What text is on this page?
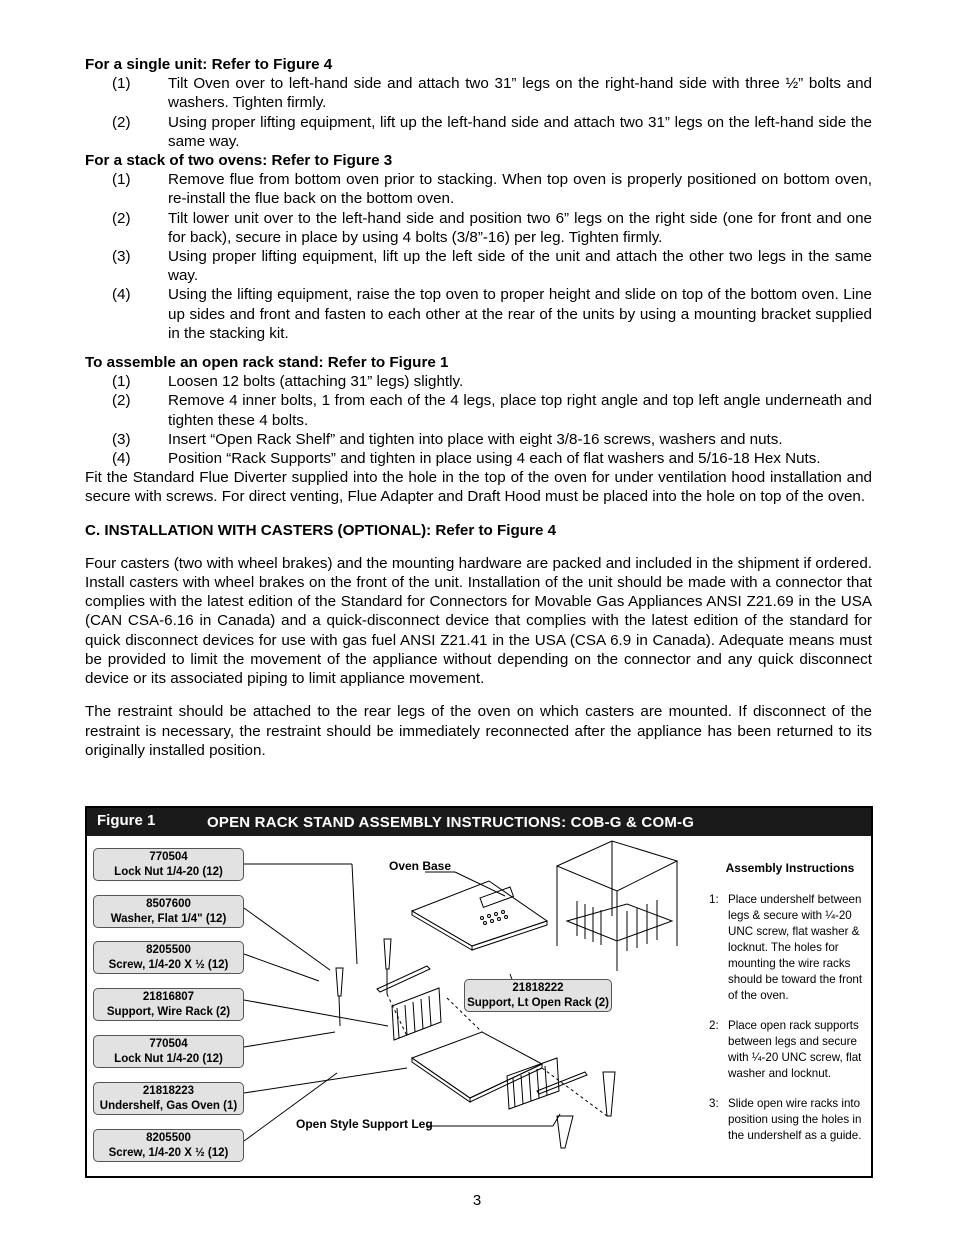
For a single unit: Refer to Figure 4
(1)	Tilt Oven over to left-hand side and attach two 31” legs on the right-hand side with three ½” bolts and washers. Tighten firmly.
(2)	Using proper lifting equipment, lift up the left-hand side and attach two 31” legs on the left-hand side the same way.
For a stack of two ovens: Refer to Figure 3
(1)	Remove flue from bottom oven prior to stacking. When top oven is properly positioned on bottom oven, re-install the flue back on the bottom oven.
(2)	Tilt lower unit over to the left-hand side and position two 6” legs on the right side (one for front and one for back), secure in place by using 4 bolts (3/8”-16) per leg. Tighten firmly.
(3)	Using proper lifting equipment, lift up the left side of the unit and attach the other two legs in the same way.
(4)	Using the lifting equipment, raise the top oven to proper height and slide on top of the bottom oven. Line up sides and front and fasten to each other at the rear of the units by using a mounting bracket supplied in the stacking kit.
To assemble an open rack stand: Refer to Figure 1
(1)	Loosen 12 bolts (attaching 31” legs) slightly.
(2)	Remove 4 inner bolts, 1 from each of the 4 legs, place top right angle and top left angle underneath and tighten these 4 bolts.
(3)	Insert “Open Rack Shelf” and tighten into place with eight 3/8-16 screws, washers and nuts.
(4)	Position “Rack Supports” and tighten in place using 4 each of flat washers and 5/16-18 Hex Nuts.
Fit the Standard Flue Diverter supplied into the hole in the top of the oven for under ventilation hood installation and secure with screws. For direct venting, Flue Adapter and Draft Hood must be placed into the hole on top of the oven.
C. INSTALLATION WITH CASTERS (OPTIONAL): Refer to Figure 4
Four casters (two with wheel brakes) and the mounting hardware are packed and included in the shipment if ordered. Install casters with wheel brakes on the front of the unit. Installation of the unit should be made with a connector that complies with the latest edition of the Standard for Connectors for Movable Gas Appliances ANSI Z21.69 in the USA (CAN CSA-6.16 in Canada) and a quick-disconnect device that complies with the latest edition of the standard for quick disconnect devices for use with gas fuel ANSI Z21.41 in the USA (CSA 6.9 in Canada). Adequate means must be provided to limit the movement of the appliance without depending on the connector and any quick disconnect device or its associated piping to limit appliance movement.
The restraint should be attached to the rear legs of the oven on which casters are mounted. If disconnect of the restraint is necessary, the restraint should be immediately reconnected after the appliance has been returned to its originally installed position.
Figure 1	OPEN RACK STAND ASSEMBLY INSTRUCTIONS: COB-G & COM-G
770504
Lock Nut 1/4-20 (12)
8507600
Washer, Flat 1/4" (12)
8205500
Screw, 1/4-20 X ½ (12)
21816807
Support, Wire Rack (2)
770504
Lock Nut 1/4-20 (12)
21818223
Undershelf, Gas Oven (1)
8205500
Screw, 1/4-20 X ½ (12)
21818222
Support, Lt Open Rack (2)
Oven Base
Open Style Support Leg
Assembly Instructions
1: Place undershelf between legs & secure with ¼-20 UNC screw, flat washer & locknut. The holes for mounting the wire racks should be toward the front of the oven.
2: Place open rack supports between legs and secure with ¼-20 UNC screw, flat washer and locknut.
3: Slide open wire racks into position using the holes in the undershelf as a guide.
3
